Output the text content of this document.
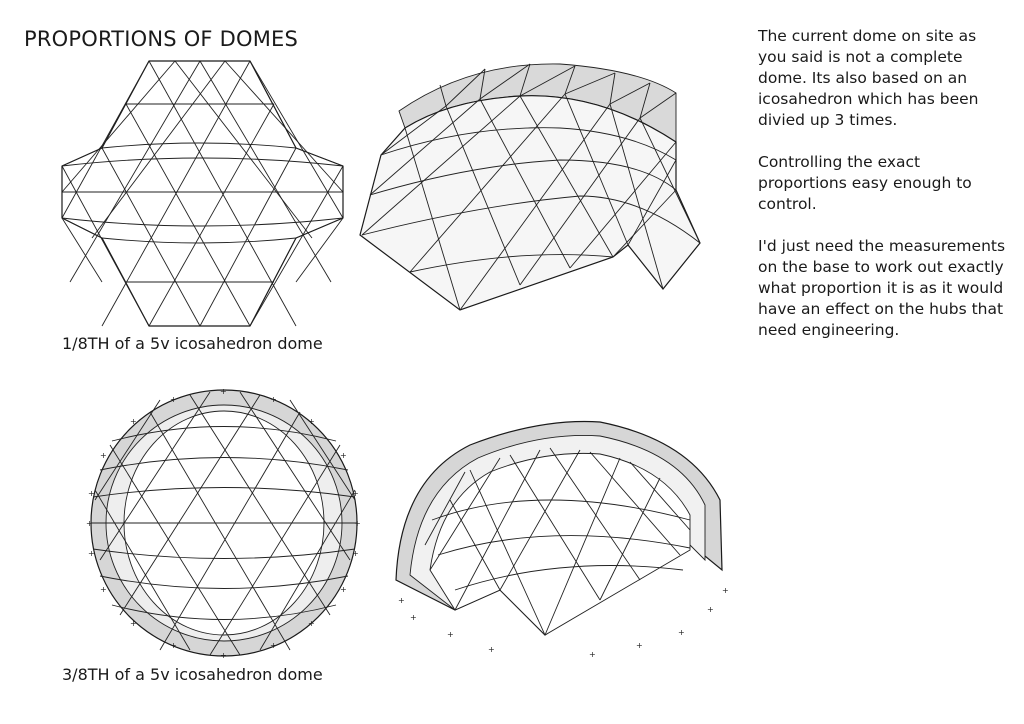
PROPORTIONS OF DOMES	The current dome on site as you said is not a complete dome. Its also based on an icosahedron which has been divied up 3 times.

Controlling the exact proportions easy enough to control.

I'd just need the measurements on the base to work out exactly what proportion it is as it would have an effect on the hubs that need engineering.

+
+	+
+	+
+	+
+	+
+	+
+	+
+	+
+	+
+	+
+
+
+
+
+
+
+
+
+
+
1/8TH of a 5v icosahedron dome
3/8TH of a 5v icosahedron dome
